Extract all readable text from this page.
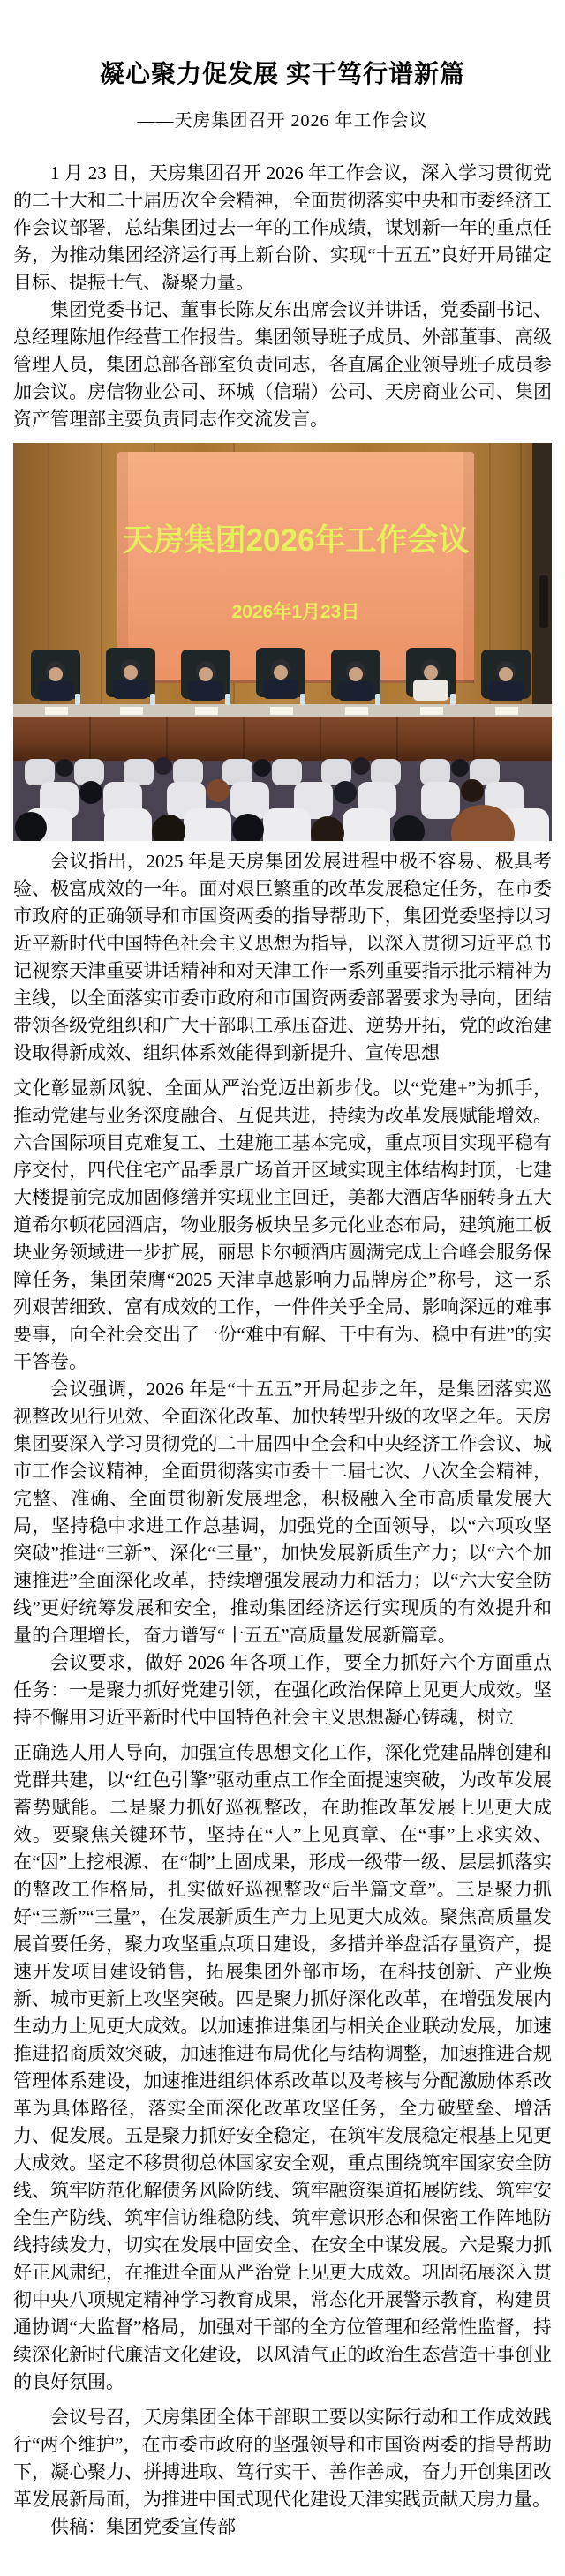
凝心聚力促发展 实干笃行谱新篇
——天房集团召开 2026 年工作会议

1 月 23 日，天房集团召开 2026 年工作会议，深入学习贯彻党的二十大和二十届历次全会精神，全面贯彻落实中央和市委经济工作会议部署，总结集团过去一年的工作成绩，谋划新一年的重点任务，为推动集团经济运行再上新台阶、实现“十五五”良好开局锚定目标、提振士气、凝聚力量。

集团党委书记、董事长陈友东出席会议并讲话，党委副书记、总经理陈旭作经营工作报告。集团领导班子成员、外部董事、高级管理人员，集团总部各部室负责同志，各直属企业领导班子成员参加会议。房信物业公司、环城（信瑞）公司、天房商业公司、集团资产管理部主要负责同志作交流发言。

天房集团2026年工作会议
2026年1月23日

会议指出，2025 年是天房集团发展进程中极不容易、极具考验、极富成效的一年。面对艰巨繁重的改革发展稳定任务，在市委市政府的正确领导和市国资两委的指导帮助下，集团党委坚持以习近平新时代中国特色社会主义思想为指导，以深入贯彻习近平总书记视察天津重要讲话精神和对天津工作一系列重要指示批示精神为主线，以全面落实市委市政府和市国资两委部署要求为导向，团结带领各级党组织和广大干部职工承压奋进、逆势开拓，党的政治建设取得新成效、组织体系效能得到新提升、宣传思想

文化彰显新风貌、全面从严治党迈出新步伐。以“党建+”为抓手，推动党建与业务深度融合、互促共进，持续为改革发展赋能增效。六合国际项目克难复工、土建施工基本完成，重点项目实现平稳有序交付，四代住宅产品季景广场首开区域实现主体结构封顶，七建大楼提前完成加固修缮并实现业主回迁，美都大酒店华丽转身五大道希尔顿花园酒店，物业服务板块呈多元化业态布局，建筑施工板块业务领域进一步扩展，丽思卡尔顿酒店圆满完成上合峰会服务保障任务，集团荣膺“2025 天津卓越影响力品牌房企”称号，这一系列艰苦细致、富有成效的工作，一件件关乎全局、影响深远的难事要事，向全社会交出了一份“难中有解、干中有为、稳中有进”的实干答卷。

会议强调，2026 年是“十五五”开局起步之年，是集团落实巡视整改见行见效、全面深化改革、加快转型升级的攻坚之年。天房集团要深入学习贯彻党的二十届四中全会和中央经济工作会议、城市工作会议精神，全面贯彻落实市委十二届七次、八次全会精神，完整、准确、全面贯彻新发展理念，积极融入全市高质量发展大局，坚持稳中求进工作总基调，加强党的全面领导，以“六项攻坚突破”推进“三新”、深化“三量”，加快发展新质生产力；以“六个加速推进”全面深化改革，持续增强发展动力和活力；以“六大安全防线”更好统筹发展和安全，推动集团经济运行实现质的有效提升和量的合理增长，奋力谱写“十五五”高质量发展新篇章。

会议要求，做好 2026 年各项工作，要全力抓好六个方面重点任务：一是聚力抓好党建引领，在强化政治保障上见更大成效。坚持不懈用习近平新时代中国特色社会主义思想凝心铸魂，树立

正确选人用人导向，加强宣传思想文化工作，深化党建品牌创建和党群共建，以“红色引擎”驱动重点工作全面提速突破，为改革发展蓄势赋能。二是聚力抓好巡视整改，在助推改革发展上见更大成效。要聚焦关键环节，坚持在“人”上见真章、在“事”上求实效、在“因”上挖根源、在“制”上固成果，形成一级带一级、层层抓落实的整改工作格局，扎实做好巡视整改“后半篇文章”。三是聚力抓好“三新”“三量”，在发展新质生产力上见更大成效。聚焦高质量发展首要任务，聚力攻坚重点项目建设，多措并举盘活存量资产，提速开发项目建设销售，拓展集团外部市场，在科技创新、产业焕新、城市更新上攻坚突破。四是聚力抓好深化改革，在增强发展内生动力上见更大成效。以加速推进集团与相关企业联动发展，加速推进招商质效突破，加速推进布局优化与结构调整，加速推进合规管理体系建设，加速推进组织体系改革以及考核与分配激励体系改革为具体路径，落实全面深化改革攻坚任务，全力破壁垒、增活力、促发展。五是聚力抓好安全稳定，在筑牢发展稳定根基上见更大成效。坚定不移贯彻总体国家安全观，重点围绕筑牢国家安全防线、筑牢防范化解债务风险防线、筑牢融资渠道拓展防线、筑牢安全生产防线、筑牢信访维稳防线、筑牢意识形态和保密工作阵地防线持续发力，切实在发展中固安全、在安全中谋发展。六是聚力抓好正风肃纪，在推进全面从严治党上见更大成效。巩固拓展深入贯彻中央八项规定精神学习教育成果，常态化开展警示教育，构建贯通协调“大监督”格局，加强对干部的全方位管理和经常性监督，持续深化新时代廉洁文化建设，以风清气正的政治生态营造干事创业的良好氛围。

会议号召，天房集团全体干部职工要以实际行动和工作成效践行“两个维护”，在市委市政府的坚强领导和市国资两委的指导帮助下，凝心聚力、拼搏进取、笃行实干、善作善成，奋力开创集团改革发展新局面，为推进中国式现代化建设天津实践贡献天房力量。

供稿：集团党委宣传部
